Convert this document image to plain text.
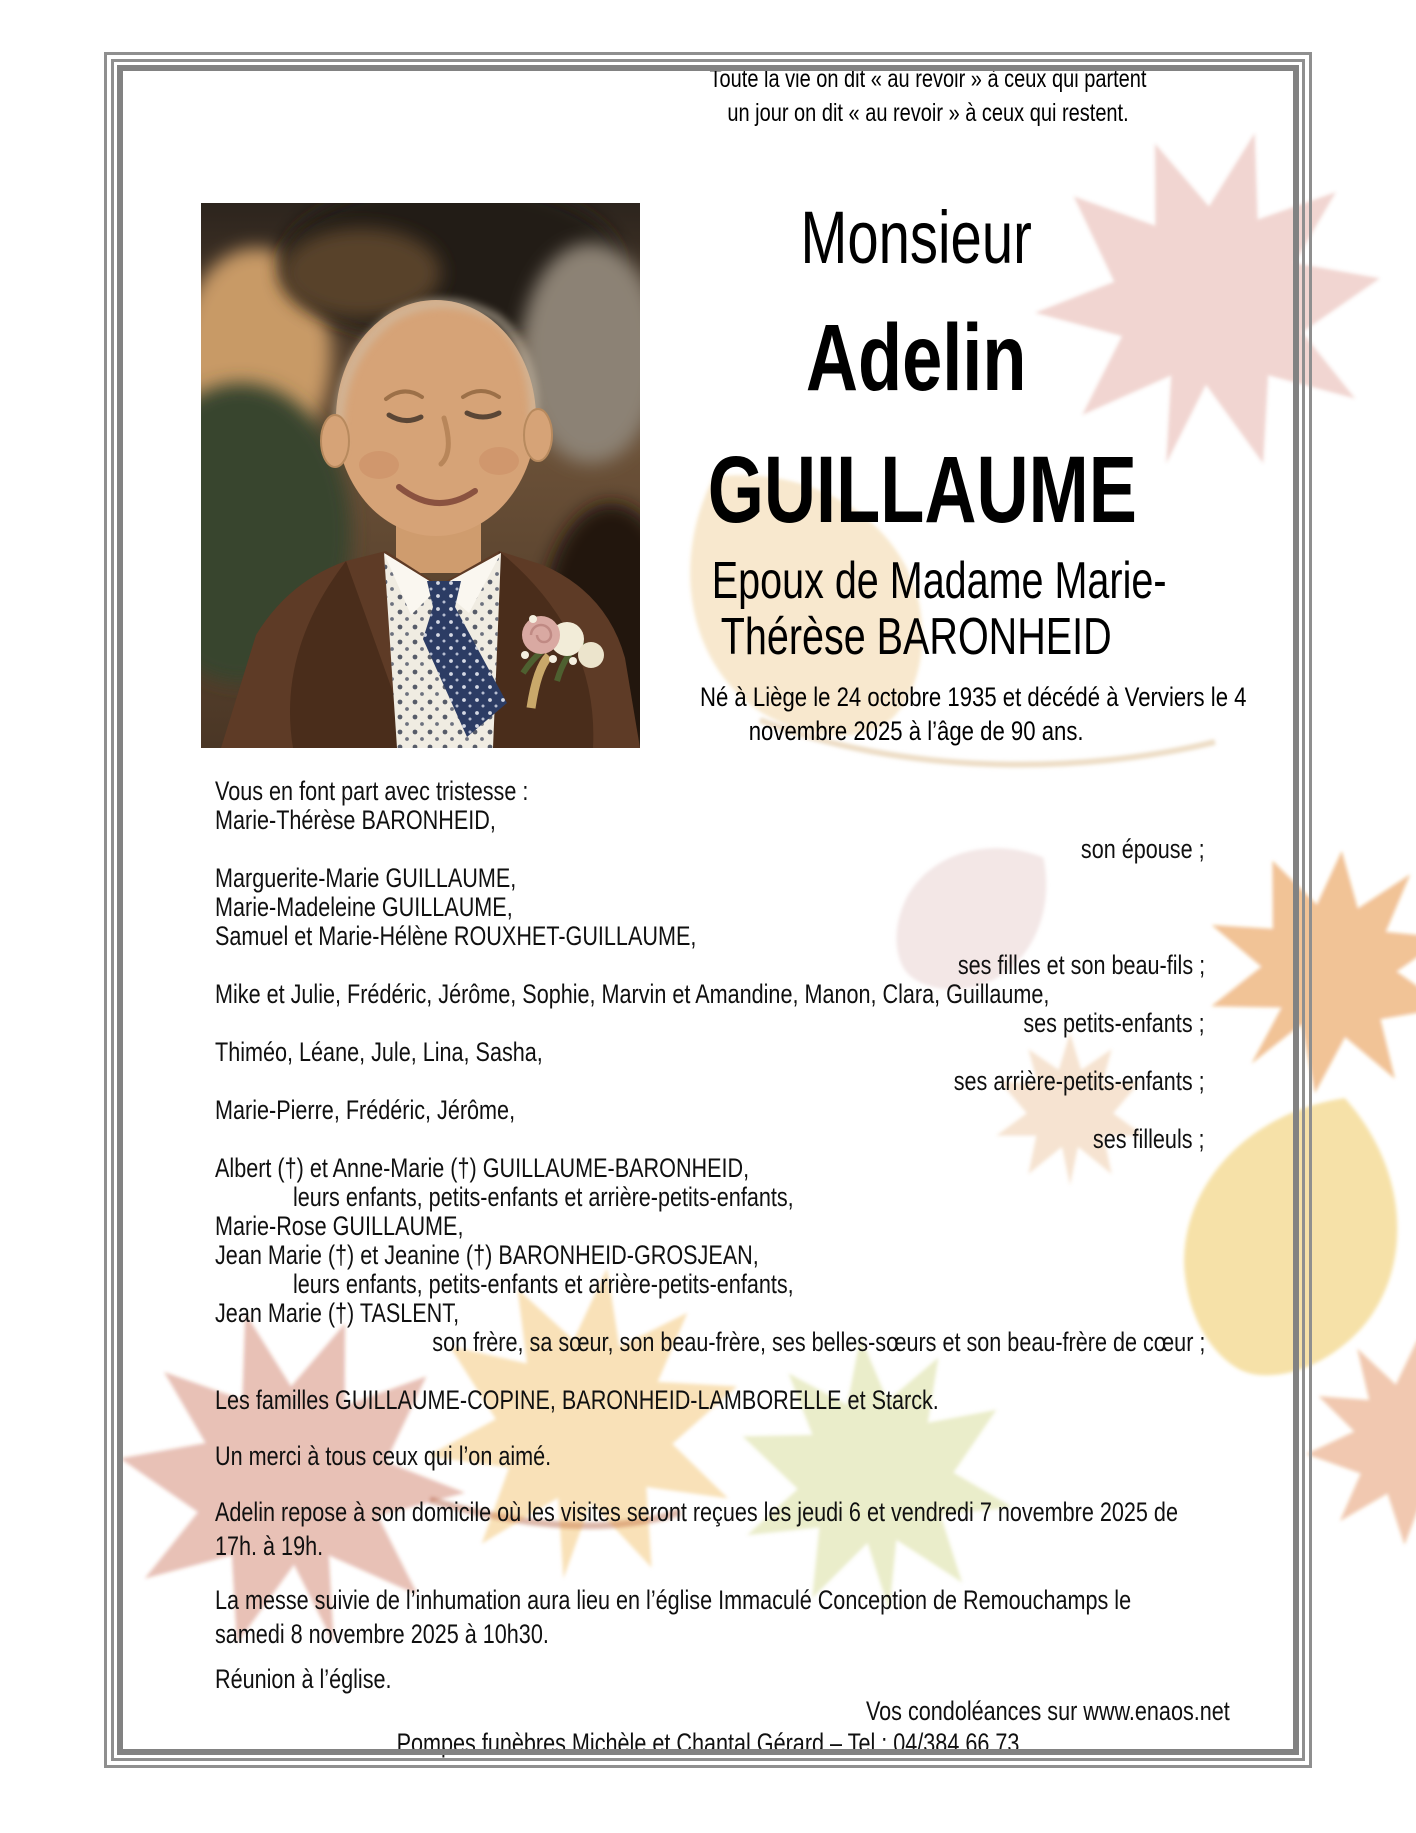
Toute la vie on dit « au revoir » à ceux qui partent
un jour on dit « au revoir » à ceux qui restent.
Monsieur
Adelin
GUILLAUME
Epoux de Madame Marie-
Thérèse BARONHEID
Né à Liège le 24 octobre 1935 et décédé à Verviers le 4
novembre 2025 à l’âge de 90 ans.
Vous en font part avec tristesse :
Marie-Thérèse BARONHEID,
son épouse ;
Marguerite-Marie GUILLAUME,
Marie-Madeleine GUILLAUME,
Samuel et Marie-Hélène ROUXHET-GUILLAUME,
ses filles et son beau-fils ;
Mike et Julie, Frédéric, Jérôme, Sophie, Marvin et Amandine, Manon, Clara, Guillaume,
ses petits-enfants ;
Thiméo, Léane, Jule, Lina, Sasha,
ses arrière-petits-enfants ;
Marie-Pierre, Frédéric, Jérôme,
ses filleuls ;
Albert (†) et Anne-Marie (†) GUILLAUME-BARONHEID,
leurs enfants, petits-enfants et arrière-petits-enfants,
Marie-Rose GUILLAUME,
Jean Marie (†) et Jeanine (†) BARONHEID-GROSJEAN,
leurs enfants, petits-enfants et arrière-petits-enfants,
Jean Marie (†) TASLENT,
son frère, sa sœur, son beau-frère, ses belles-sœurs et son beau-frère de cœur ;
Les familles GUILLAUME-COPINE, BARONHEID-LAMBORELLE et Starck.
Un merci à tous ceux qui l’on aimé.
Adelin repose à son domicile où les visites seront reçues les jeudi 6 et vendredi 7 novembre 2025 de
17h. à 19h.
La messe suivie de l’inhumation aura lieu en l’église Immaculé Conception de Remouchamps le
samedi 8 novembre 2025 à 10h30.
Réunion à l’église.
Vos condoléances sur www.enaos.net
Pompes funèbres Michèle et Chantal Gérard – Tel : 04/384.66.73
